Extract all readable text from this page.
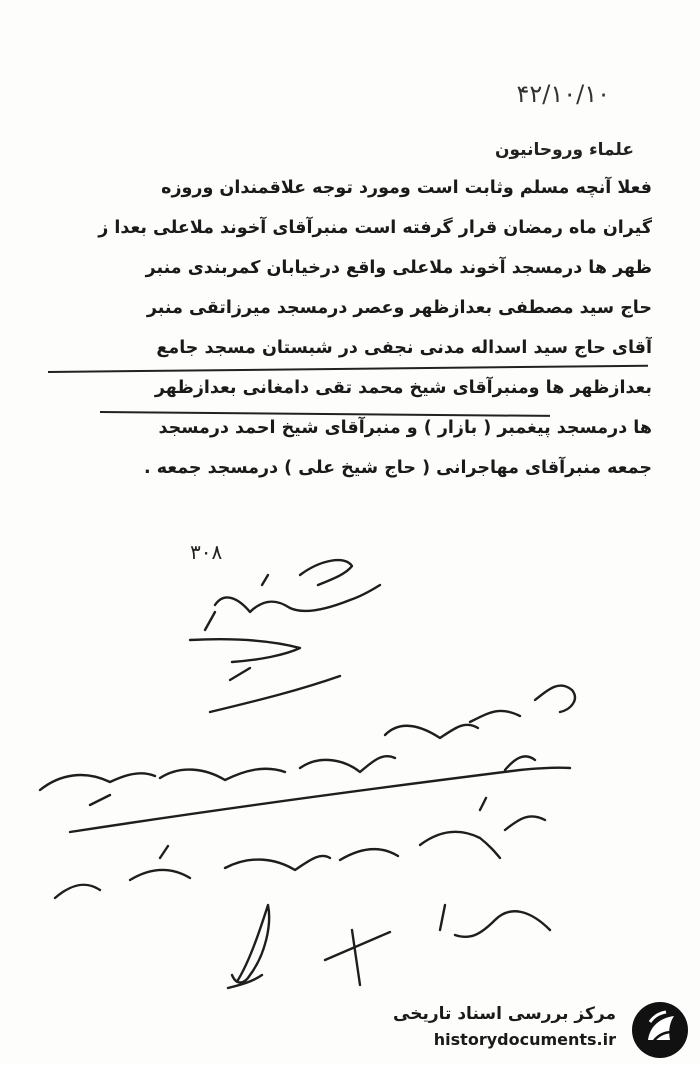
۴۲/۱۰/۱۰
علماء وروحانیون
فعلا آنچه مسلم وثابت است ومورد توجه علاقمندان وروزه
گیران ماه رمضان قرار گرفته است منبرآقای آخوند ملاعلی بعدا ز
ظهر ها درمسجد آخوند ملاعلی واقع درخیابان کمربندی منبر
حاج سید مصطفی بعدازظهر وعصر درمسجد میرزاتقی منبر
آقای حاج سید اسداله مدنی نجفی در شبستان مسجد جامع
بعدازظهر ها ومنبرآقای شیخ محمد تقی دامغانی بعدازظهر
ها درمسجد پیغمبر ( بازار ) و منبرآقای شیخ احمد درمسجد
جمعه منبرآقای مهاجرانی ( حاج شیخ علی ) درمسجد جمعه .
۳۰۸
مرکز بررسی اسناد تاریخی
historydocuments.ir
